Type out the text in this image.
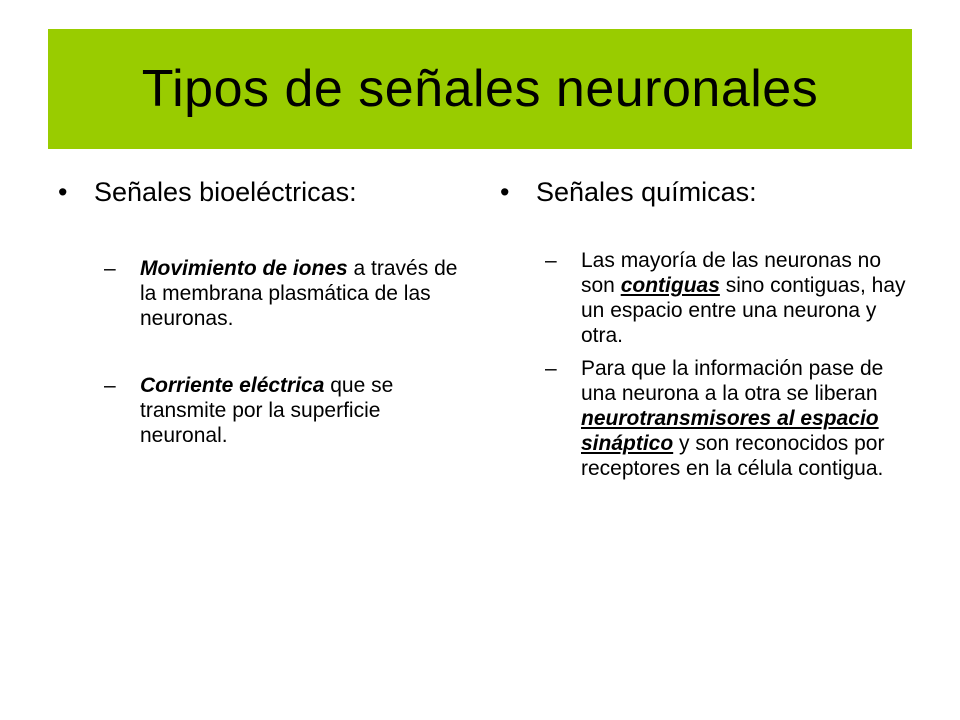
Tipos de señales neuronales
• Señales bioeléctricas:
–	Movimiento de iones a través de la membrana plasmática de las neuronas.
–	Corriente eléctrica que se transmite por la superficie neuronal.
• Señales químicas:
–	Las mayoría de las neuronas no son contiguas sino contiguas, hay un espacio entre una neurona y otra.
–	Para que la información pase de una neurona a la otra se liberan neurotransmisores al espacio sináptico y son reconocidos por receptores en la célula contigua.
